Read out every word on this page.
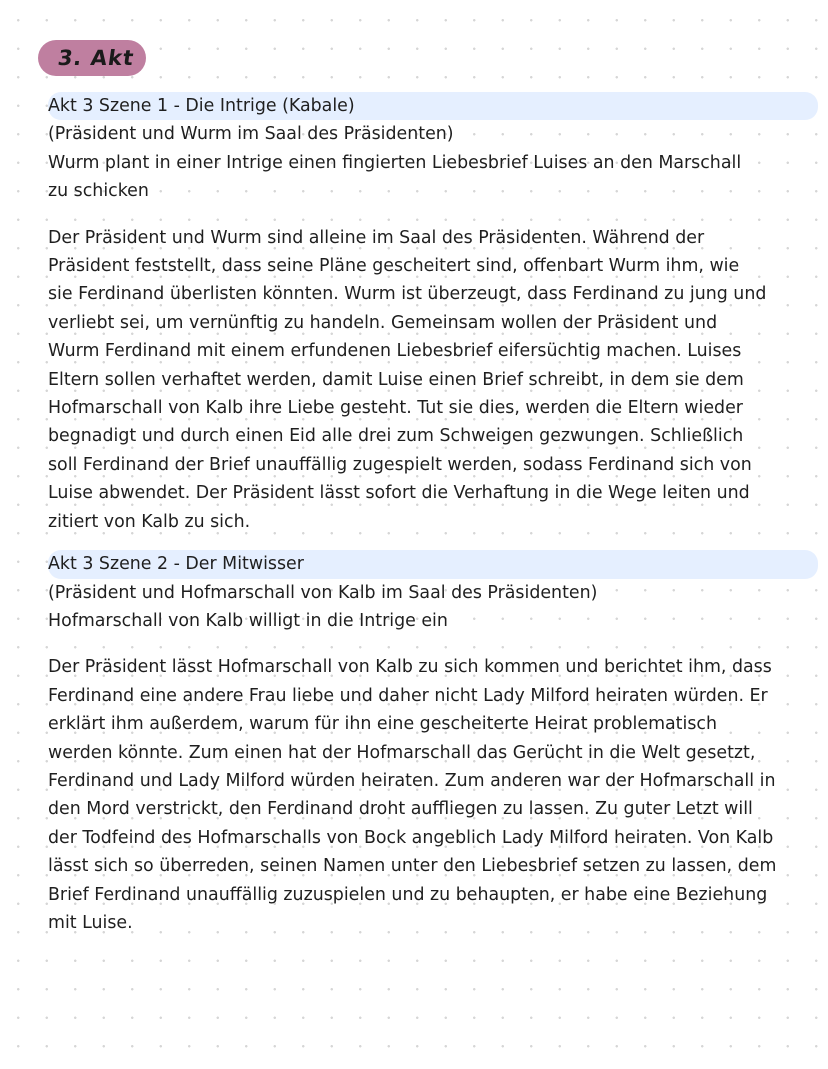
3. Akt
Akt 3 Szene 1 - Die Intrige (Kabale)
(Präsident und Wurm im Saal des Präsidenten)
Wurm plant in einer Intrige einen fingierten Liebesbrief Luises an den Marschall
zu schicken
Der Präsident und Wurm sind alleine im Saal des Präsidenten. Während der
Präsident feststellt, dass seine Pläne gescheitert sind, offenbart Wurm ihm, wie
sie Ferdinand überlisten könnten. Wurm ist überzeugt, dass Ferdinand zu jung und
verliebt sei, um vernünftig zu handeln. Gemeinsam wollen der Präsident und
Wurm Ferdinand mit einem erfundenen Liebesbrief eifersüchtig machen. Luises
Eltern sollen verhaftet werden, damit Luise einen Brief schreibt, in dem sie dem
Hofmarschall von Kalb ihre Liebe gesteht. Tut sie dies, werden die Eltern wieder
begnadigt und durch einen Eid alle drei zum Schweigen gezwungen. Schließlich
soll Ferdinand der Brief unauffällig zugespielt werden, sodass Ferdinand sich von
Luise abwendet. Der Präsident lässt sofort die Verhaftung in die Wege leiten und
zitiert von Kalb zu sich.
Akt 3 Szene 2 - Der Mitwisser
(Präsident und Hofmarschall von Kalb im Saal des Präsidenten)
Hofmarschall von Kalb willigt in die Intrige ein
Der Präsident lässt Hofmarschall von Kalb zu sich kommen und berichtet ihm, dass
Ferdinand eine andere Frau liebe und daher nicht Lady Milford heiraten würden. Er
erklärt ihm außerdem, warum für ihn eine gescheiterte Heirat problematisch
werden könnte. Zum einen hat der Hofmarschall das Gerücht in die Welt gesetzt,
Ferdinand und Lady Milford würden heiraten. Zum anderen war der Hofmarschall in
den Mord verstrickt, den Ferdinand droht auffliegen zu lassen. Zu guter Letzt will
der Todfeind des Hofmarschalls von Bock angeblich Lady Milford heiraten. Von Kalb
lässt sich so überreden, seinen Namen unter den Liebesbrief setzen zu lassen, dem
Brief Ferdinand unauffällig zuzuspielen und zu behaupten, er habe eine Beziehung
mit Luise.
